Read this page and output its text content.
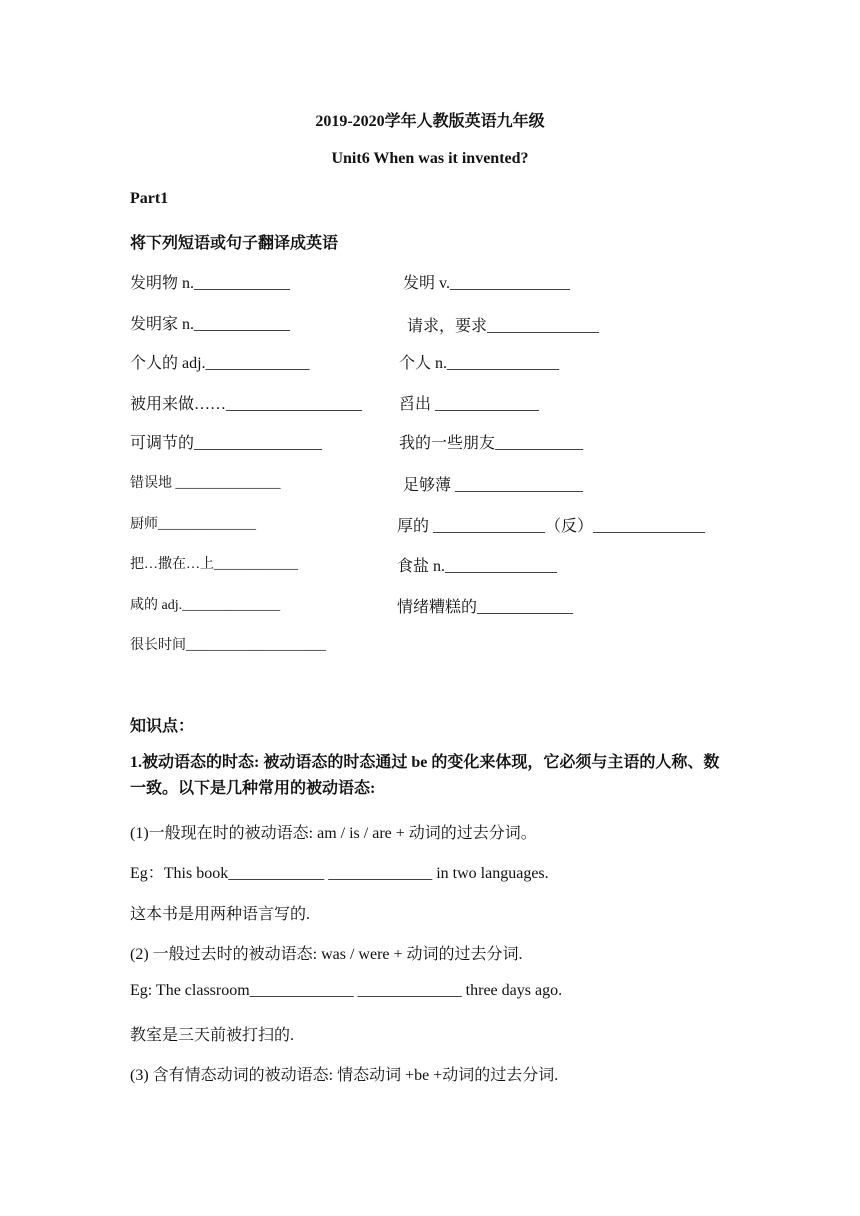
2019-2020学年人教版英语九年级
Unit6 When was it invented?
Part1
将下列短语或句子翻译成英语
发明物 n.____________	发明 v._______________
发明家 n.____________	请求，要求______________
个人的 adj._____________	个人 n.______________
被用来做……_________________ 舀出 _____________
可调节的________________	我的一些朋友___________
错误地 _______________	足够薄 ________________
厨师______________	厚的 ______________（反）______________
把…撒在…上____________	食盐 n.______________
咸的 adj.______________	情绪糟糕的____________
很长时间____________________
知识点：
1.被动语态的时态: 被动语态的时态通过 be 的变化来体现，它必须与主语的人称、数一致。以下是几种常用的被动语态:
(1)一般现在时的被动语态: am / is / are + 动词的过去分词。
Eg：This book____________ _____________ in two languages.
这本书是用两种语言写的.
(2) 一般过去时的被动语态: was / were + 动词的过去分词.
Eg: The classroom_____________ _____________ three days ago.
教室是三天前被打扫的.
(3) 含有情态动词的被动语态: 情态动词 +be +动词的过去分词.
